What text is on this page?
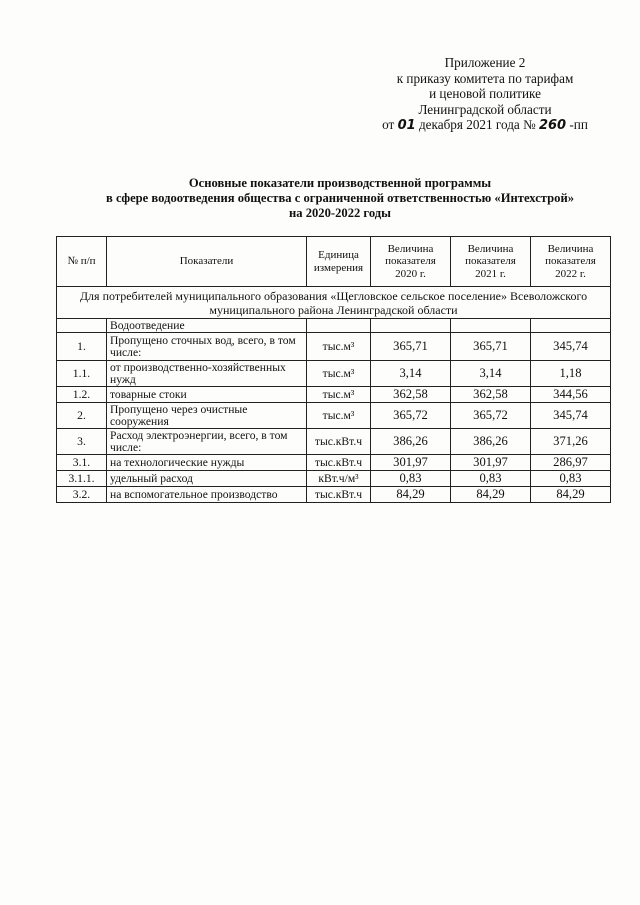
Приложение 2
к приказу комитета по тарифам
и ценовой политике
Ленинградской области
от 01 декабря 2021 года № 260 -пп
Основные показатели производственной программы
в сфере водоотведения общества с ограниченной ответственностью «Интехстрой»
на 2020-2022 годы
№ п/п	Показатели	Единица измерения	Величина показателя 2020 г.	Величина показателя 2021 г.	Величина показателя 2022 г.
Для потребителей муниципального образования «Щегловское сельское поселение» Всеволожского муниципального района Ленинградской области					
	Водоотведение				
1.	Пропущено сточных вод, всего, в том числе:	тыс.м³	365,71	365,71	345,74
1.1.	от производственно-хозяйственных нужд	тыс.м³	3,14	3,14	1,18
1.2.	товарные стоки	тыс.м³	362,58	362,58	344,56
2.	Пропущено через очистные сооружения	тыс.м³	365,72	365,72	345,74
3.	Расход электроэнергии, всего, в том числе:	тыс.кВт.ч	386,26	386,26	371,26
3.1.	на технологические нужды	тыс.кВт.ч	301,97	301,97	286,97
3.1.1.	удельный расход	кВт.ч/м³	0,83	0,83	0,83
3.2.	на вспомогательное производство	тыс.кВт.ч	84,29	84,29	84,29
